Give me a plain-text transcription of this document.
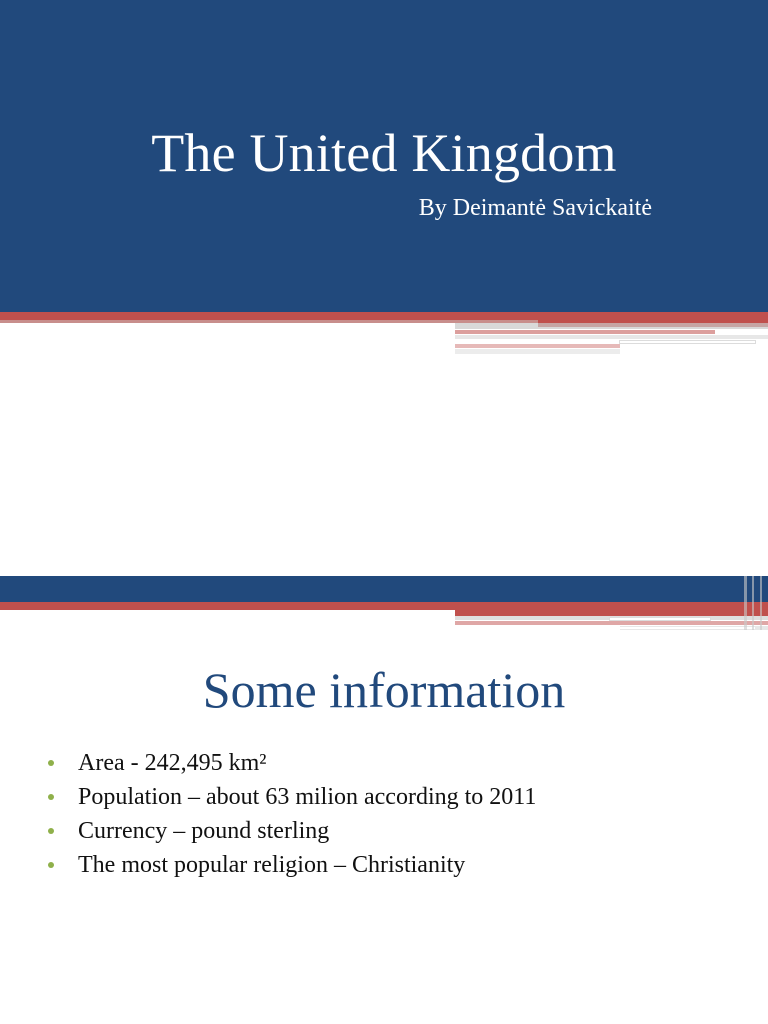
The United Kingdom
By Deimantė Savickaitė
Some information
Area - 242,495 km²
Population – about 63 milion according to 2011
Currency – pound sterling
The most popular religion – Christianity
